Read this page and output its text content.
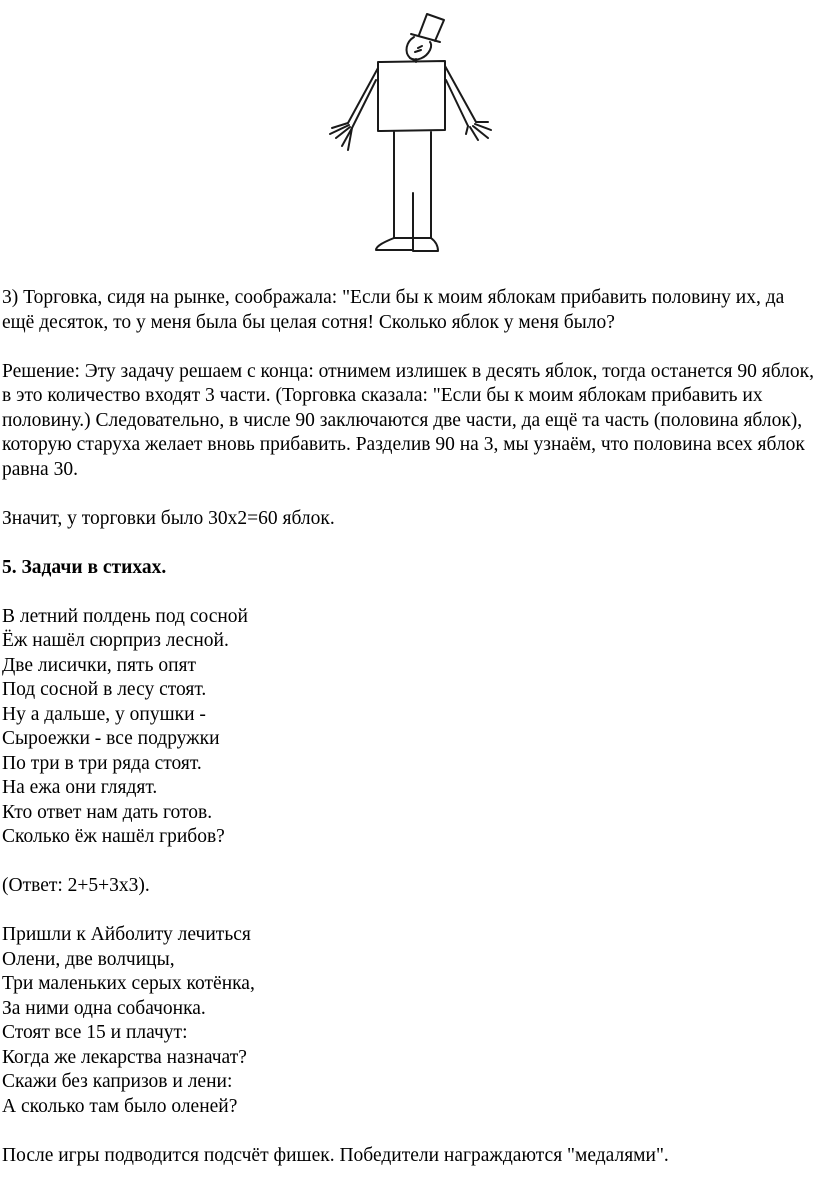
3) Торговка, сидя на рынке, соображала: "Если бы к моим яблокам прибавить половину их, да ещё десяток, то у меня была бы целая сотня! Сколько яблок у меня было?

Решение: Эту задачу решаем с конца: отнимем излишек в десять яблок, тогда останется 90 яблок, в это количество входят 3 части. (Торговка сказала: "Если бы к моим яблокам прибавить их половину.) Следовательно, в числе 90 заключаются две части, да ещё та часть (половина яблок), которую старуха желает вновь прибавить. Разделив 90 на 3, мы узнаём, что половина всех яблок равна 30.

Значит, у торговки было 30х2=60 яблок.

5. Задачи в стихах.

В летний полдень под сосной
Ёж нашёл сюрприз лесной.
Две лисички, пять опят
Под сосной в лесу стоят.
Ну а дальше, у опушки -
Сыроежки - все подружки
По три в три ряда стоят.
На ежа они глядят.
Кто ответ нам дать готов.
Сколько ёж нашёл грибов?

(Ответ: 2+5+3х3).

Пришли к Айболиту лечиться
Олени, две волчицы,
Три маленьких серых котёнка,
За ними одна собачонка.
Стоят все 15 и плачут:
Когда же лекарства назначат?
Скажи без капризов и лени:
А сколько там было оленей?

После игры подводится подсчёт фишек. Победители награждаются "медалями".
